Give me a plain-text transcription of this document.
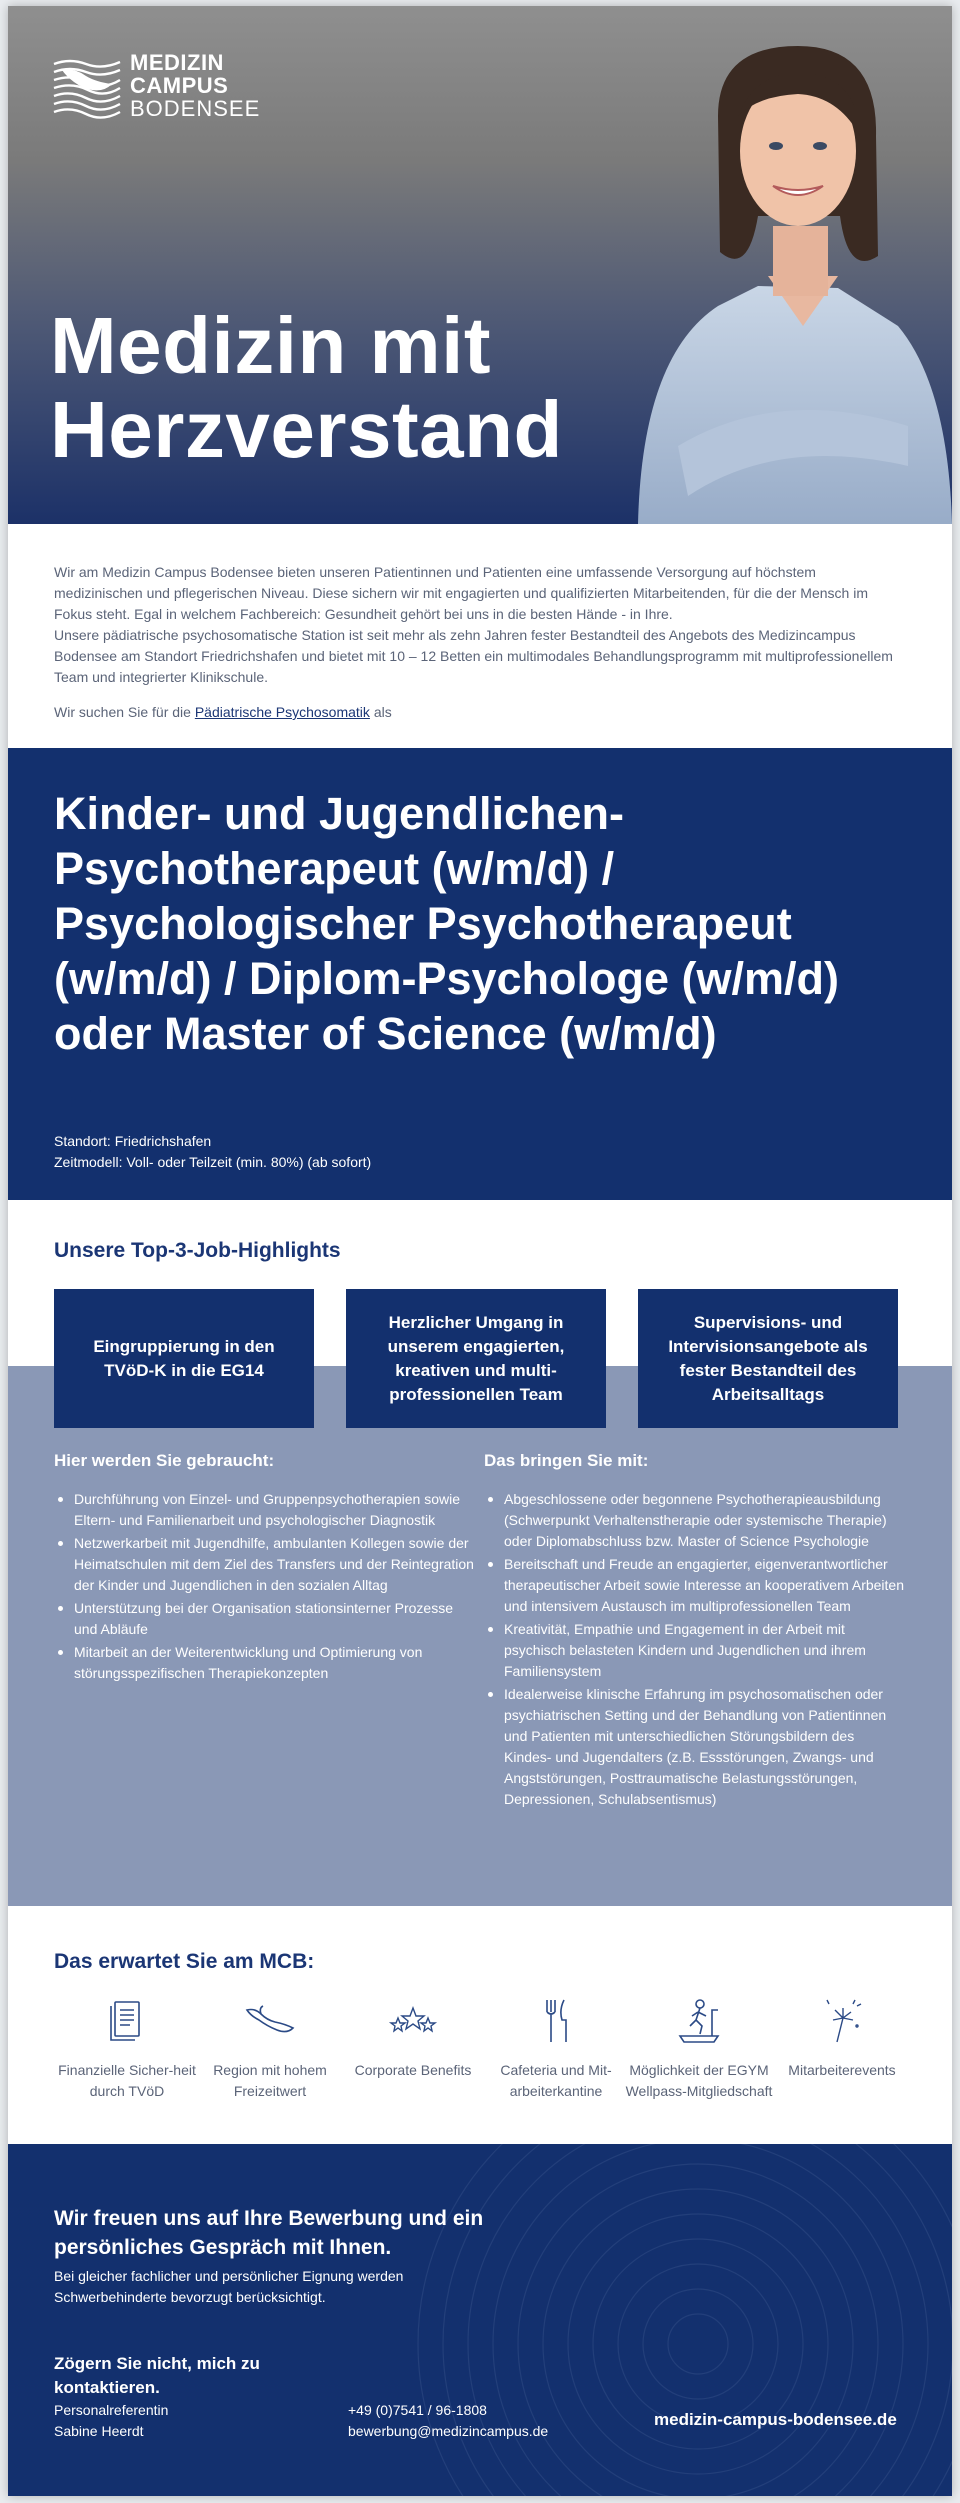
MEDIZIN
CAMPUS
BODENSEE
Medizin mit
Herzverstand

Wir am Medizin Campus Bodensee bieten unseren Patientinnen und Patienten eine umfassende Versorgung auf höchstem medizinischen und pflegerischen Niveau. Diese sichern wir mit engagierten und qualifizierten Mitarbeitenden, für die der Mensch im Fokus steht. Egal in welchem Fachbereich: Gesundheit gehört bei uns in die besten Hände - in Ihre.

Unsere pädiatrische psychosomatische Station ist seit mehr als zehn Jahren fester Bestandteil des Angebots des Medizincampus Bodensee am Standort Friedrichshafen und bietet mit 10 – 12 Betten ein multimodales Behandlungsprogramm mit multiprofessionellem Team und integrierter Klinikschule.

Wir suchen Sie für die Pädiatrische Psychosomatik als

Kinder- und Jugendlichen-Psychotherapeut (w/m/d) / Psychologischer Psychotherapeut (w/m/d) / Diplom-Psychologe (w/m/d) oder Master of Science (w/m/d)
Standort: Friedrichshafen
Zeitmodell: Voll- oder Teilzeit (min. 80%) (ab sofort)
Unsere Top-3-Job-Highlights
Eingruppierung in den TVöD-K in die EG14
Herzlicher Umgang in unserem engagierten, kreativen und multi-professionellen Team
Supervisions- und Intervisionsangebote als fester Bestandteil des Arbeitsalltags
Hier werden Sie gebraucht:
Durchführung von Einzel- und Gruppenpsychotherapien sowie Eltern- und Familienarbeit und psychologischer Diagnostik
Netzwerkarbeit mit Jugendhilfe, ambulanten Kollegen sowie der Heimatschulen mit dem Ziel des Transfers und der Reintegration der Kinder und Jugendlichen in den sozialen Alltag
Unterstützung bei der Organisation stationsinterner Prozesse und Abläufe
Mitarbeit an der Weiterentwicklung und Optimierung von störungsspezifischen Therapiekonzepten
Das bringen Sie mit:
Abgeschlossene oder begonnene Psychotherapieausbildung (Schwerpunkt Verhaltenstherapie oder systemische Therapie) oder Diplomabschluss bzw. Master of Science Psychologie
Bereitschaft und Freude an engagierter, eigenverantwortlicher therapeutischer Arbeit sowie Interesse an kooperativem Arbeiten und intensivem Austausch im multiprofessionellen Team
Kreativität, Empathie und Engagement in der Arbeit mit psychisch belasteten Kindern und Jugendlichen und ihrem Familiensystem
Idealerweise klinische Erfahrung im psychosomatischen oder psychiatrischen Setting und der Behandlung von Patientinnen und Patienten mit unterschiedlichen Störungsbildern des Kindes- und Jugendalters (z.B. Essstörungen, Zwangs- und Angststörungen, Posttraumatische Belastungsstörungen, Depressionen, Schulabsentismus)
Das erwartet Sie am MCB:
Finanzielle Sicher-heit durch TVöD
Region mit hohem Freizeitwert
Corporate Benefits	Cafeteria und Mit-arbeiterkantine
Möglichkeit der EGYM Wellpass-Mitgliedschaft
Mitarbeiterevents
Wir freuen uns auf Ihre Bewerbung und ein persönliches Gespräch mit Ihnen.
Bei gleicher fachlicher und persönlicher Eignung werden Schwerbehinderte bevorzugt berücksichtigt.
Zögern Sie nicht, mich zu kontaktieren.
Personalreferentin
Sabine Heerdt
+49 (0)7541 / 96-1808
bewerbung@medizincampus.de
medizin-campus-bodensee.de
